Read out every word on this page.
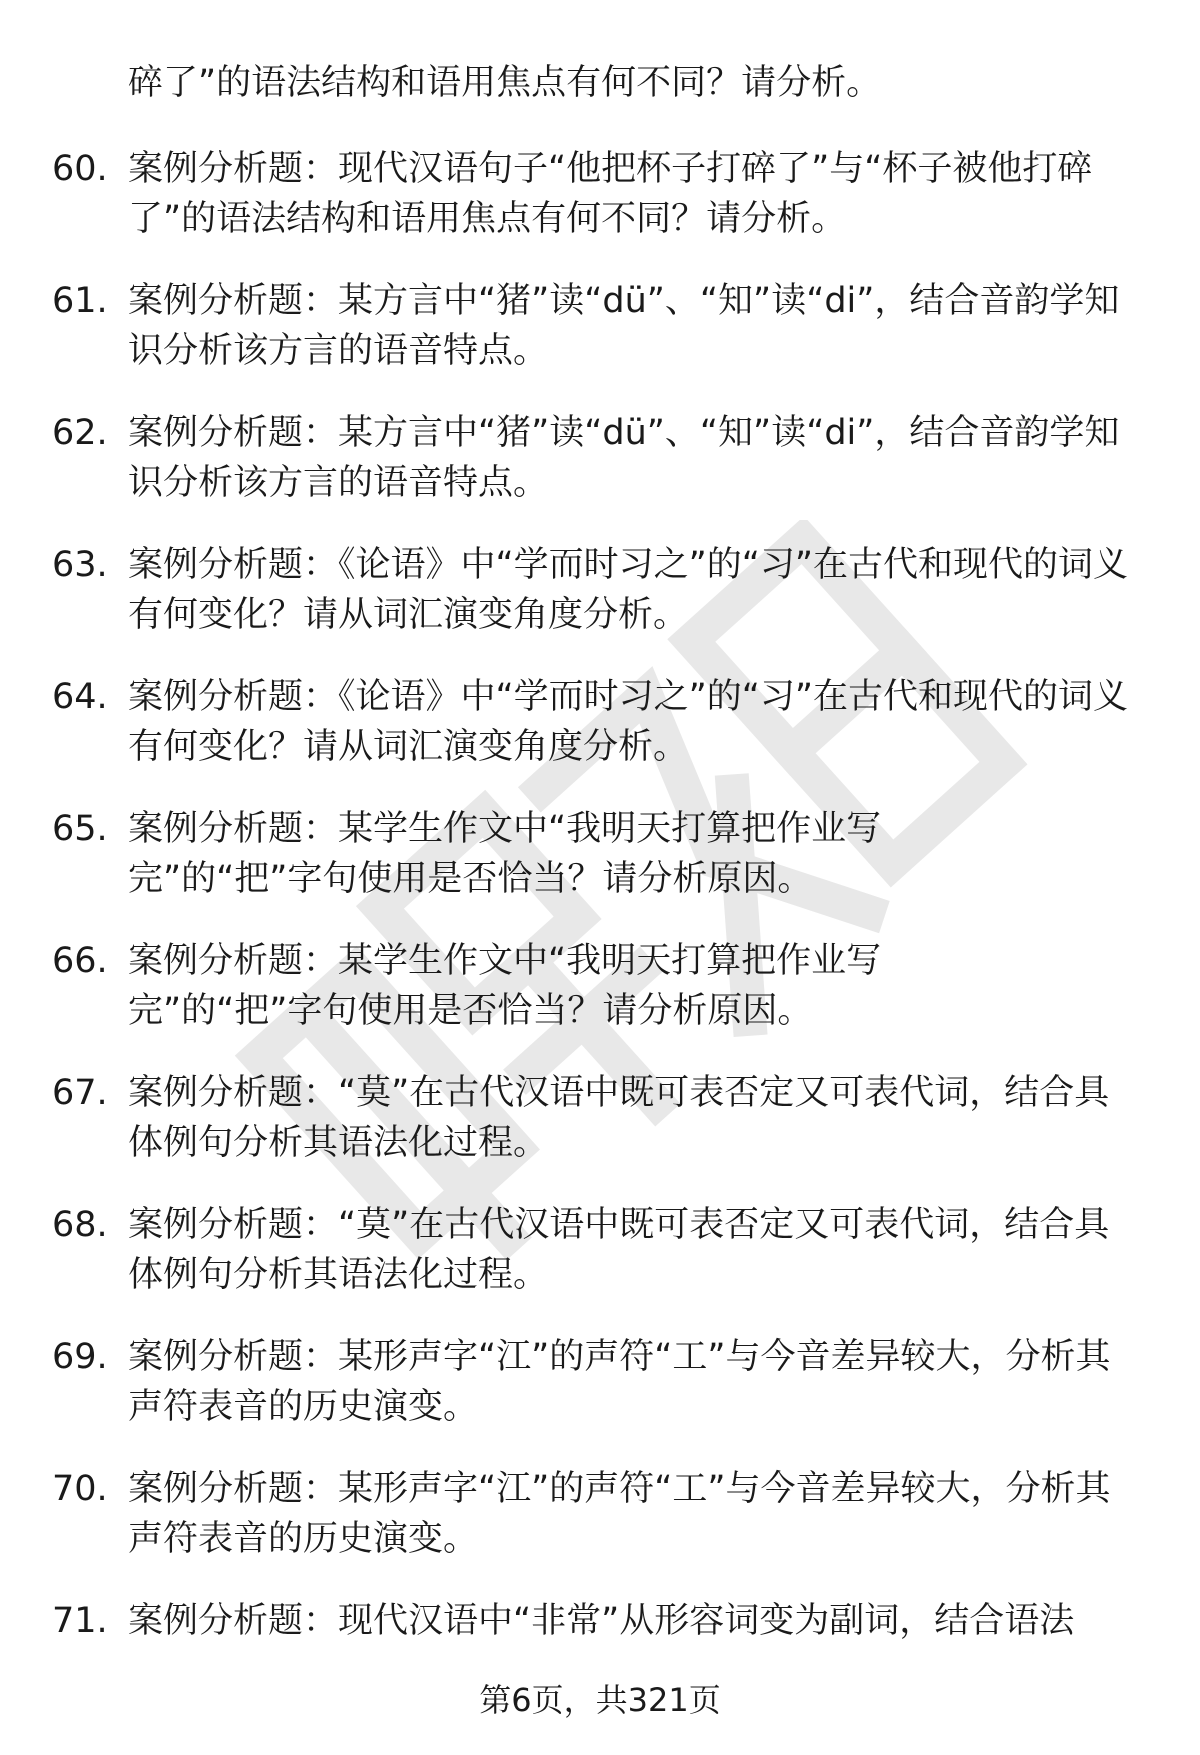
碎了”的语法结构和语用焦点有何不同？请分析。
60. 案例分析题：现代汉语句子“他把杯子打碎了”与“杯子被他打碎了”的语法结构和语用焦点有何不同？请分析。
61. 案例分析题：某方言中“猪”读“dü”、“知”读“di”，结合音韵学知识分析该方言的语音特点。
62. 案例分析题：某方言中“猪”读“dü”、“知”读“di”，结合音韵学知识分析该方言的语音特点。
63. 案例分析题：《论语》中“学而时习之”的“习”在古代和现代的词义有何变化？请从词汇演变角度分析。
64. 案例分析题：《论语》中“学而时习之”的“习”在古代和现代的词义有何变化？请从词汇演变角度分析。
65. 案例分析题：某学生作文中“我明天打算把作业写完”的“把”字句使用是否恰当？请分析原因。
66. 案例分析题：某学生作文中“我明天打算把作业写完”的“把”字句使用是否恰当？请分析原因。
67. 案例分析题：“莫”在古代汉语中既可表否定又可表代词，结合具体例句分析其语法化过程。
68. 案例分析题：“莫”在古代汉语中既可表否定又可表代词，结合具体例句分析其语法化过程。
69. 案例分析题：某形声字“江”的声符“工”与今音差异较大，分析其声符表音的历史演变。
70. 案例分析题：某形声字“江”的声符“工”与今音差异较大，分析其声符表音的历史演变。
71. 案例分析题：现代汉语中“非常”从形容词变为副词，结合语法
第6页，共321页
